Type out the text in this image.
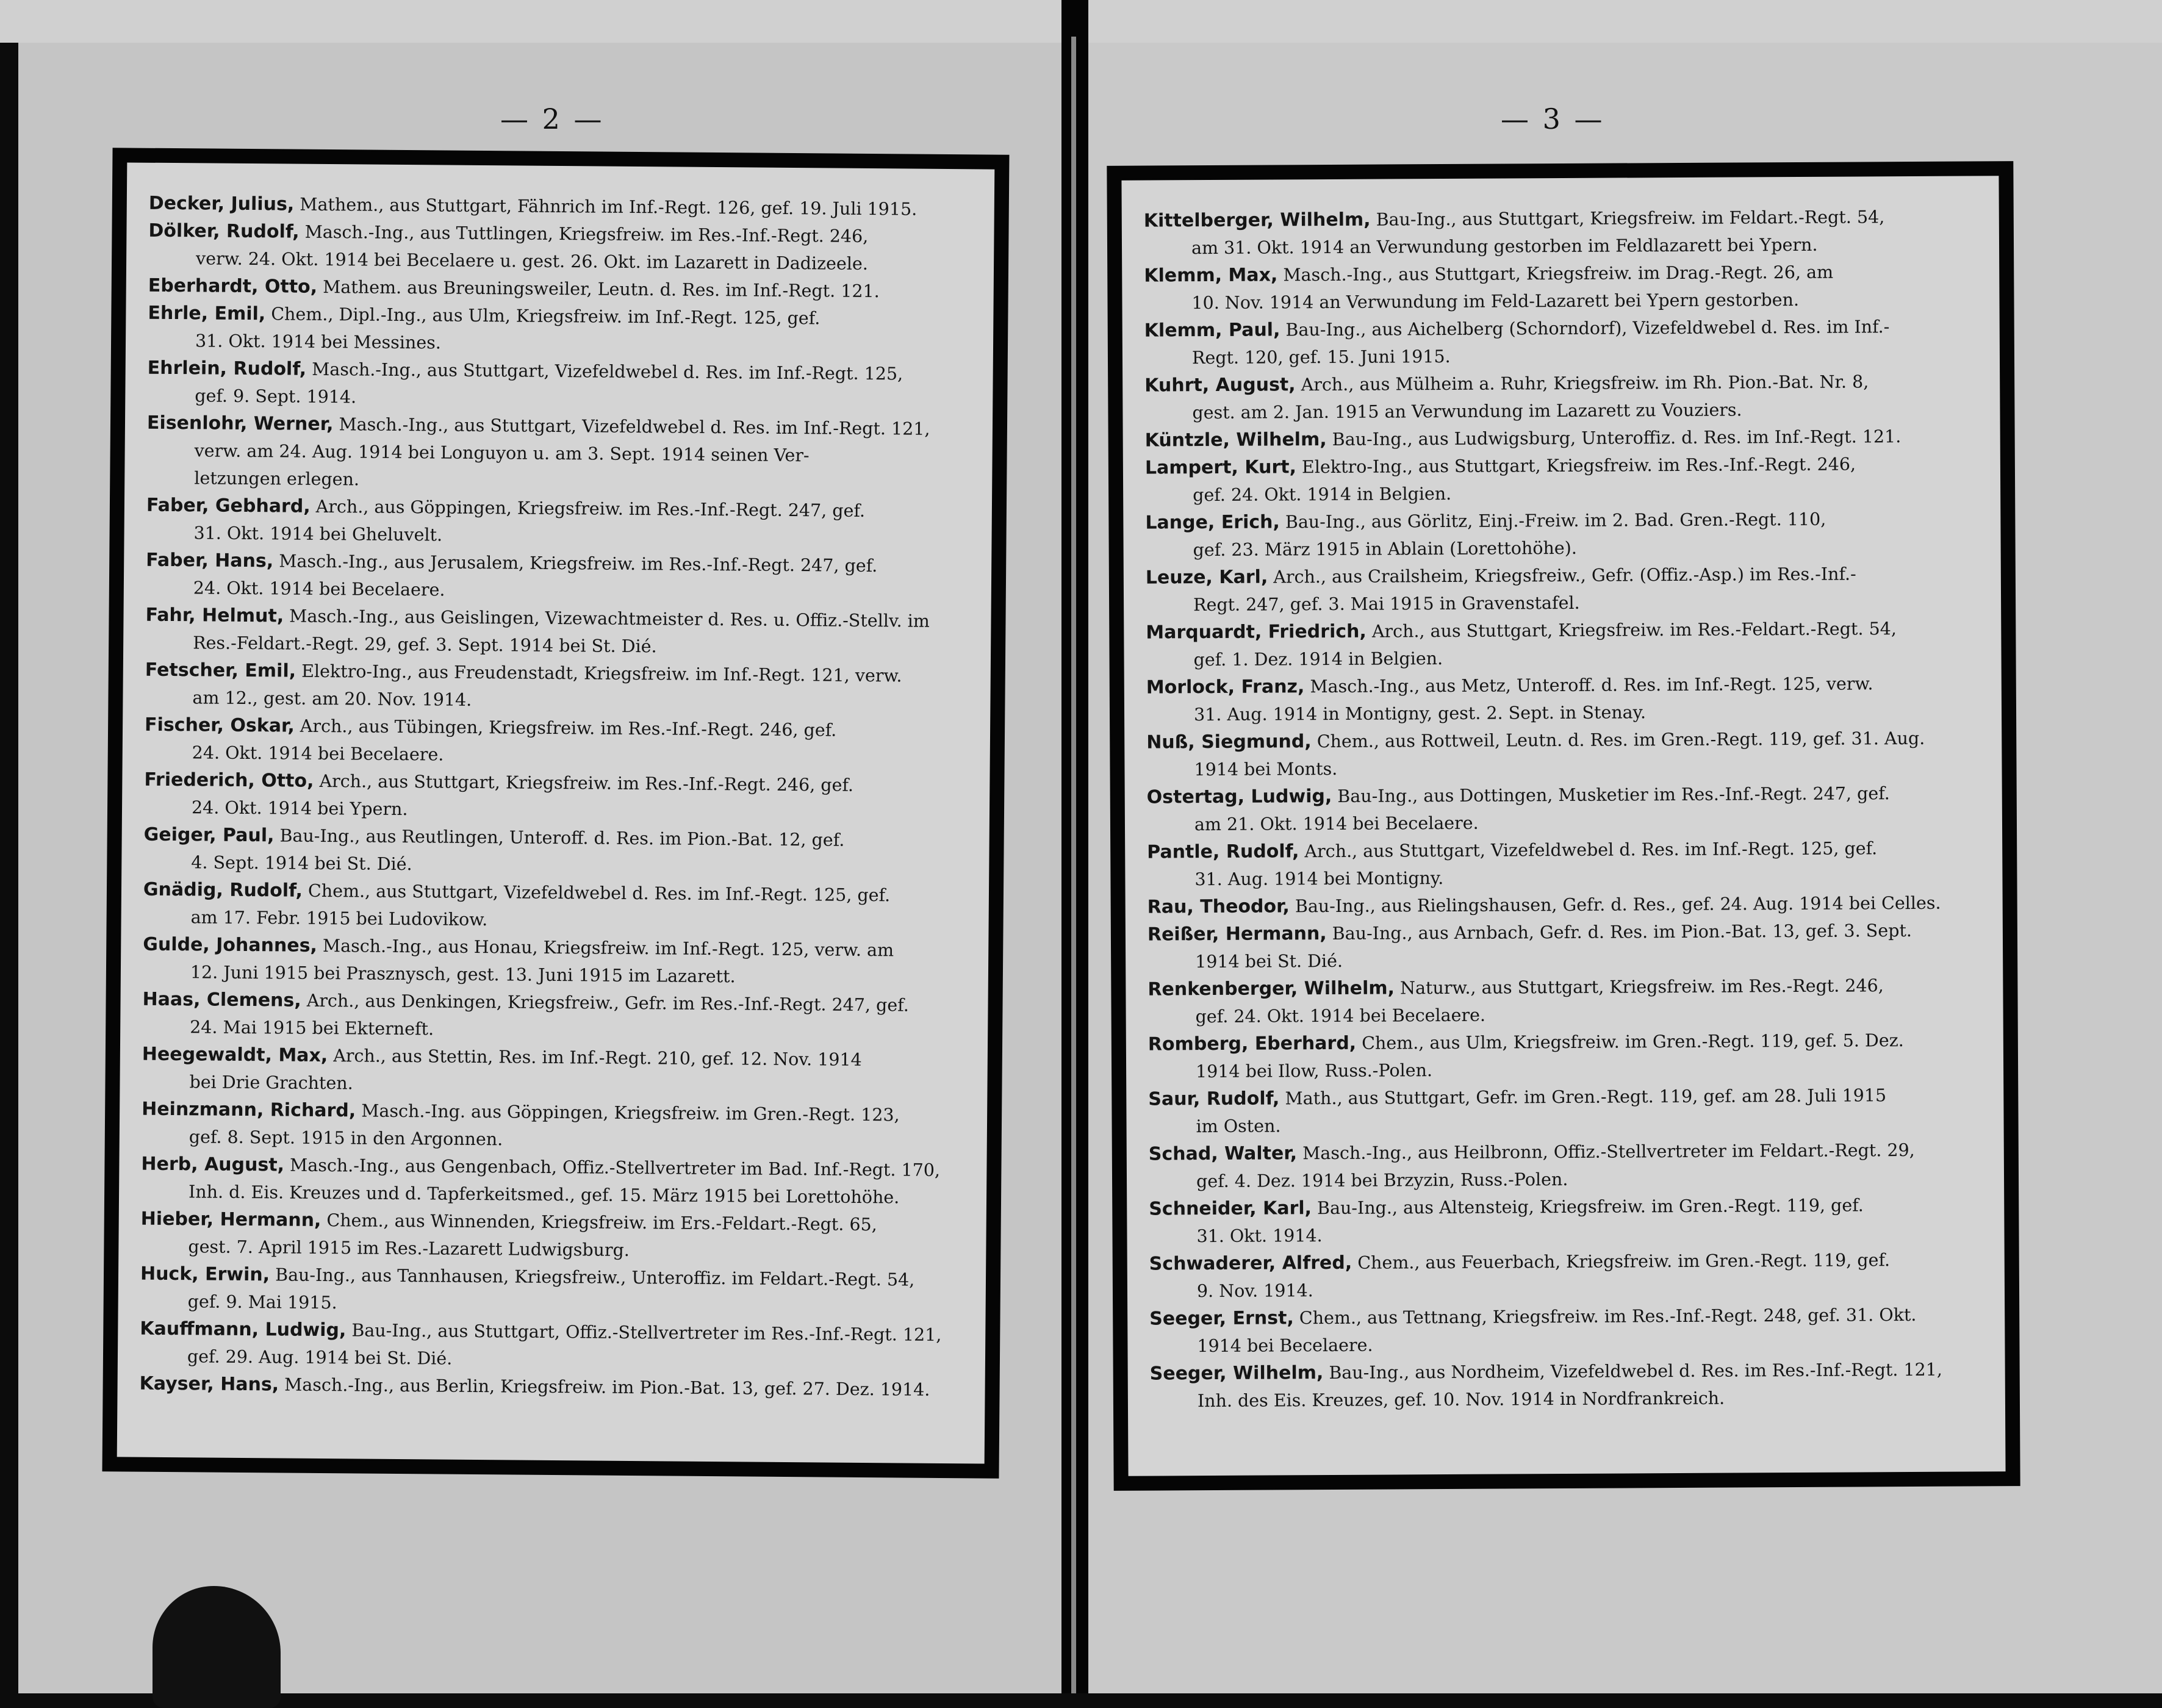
— 2 —	— 3 —
Decker, Julius, Mathem., aus Stuttgart, Fähnrich im Inf.-Regt. 126, gef. 19. Juli 1915.
Dölker, Rudolf, Masch.-Ing., aus Tuttlingen, Kriegsfreiw. im Res.-Inf.-Regt. 246,
verw. 24. Okt. 1914 bei Becelaere u. gest. 26. Okt. im Lazarett in Dadizeele.
Eberhardt, Otto, Mathem. aus Breuningsweiler, Leutn. d. Res. im Inf.-Regt. 121.
Ehrle, Emil, Chem., Dipl.-Ing., aus Ulm, Kriegsfreiw. im Inf.-Regt. 125, gef.
31. Okt. 1914 bei Messines.
Ehrlein, Rudolf, Masch.-Ing., aus Stuttgart, Vizefeldwebel d. Res. im Inf.-Regt. 125,
gef. 9. Sept. 1914.
Eisenlohr, Werner, Masch.-Ing., aus Stuttgart, Vizefeldwebel d. Res. im Inf.-Regt. 121,
verw. am 24. Aug. 1914 bei Longuyon u. am 3. Sept. 1914 seinen Ver-
letzungen erlegen.
Faber, Gebhard, Arch., aus Göppingen, Kriegsfreiw. im Res.-Inf.-Regt. 247, gef.
31. Okt. 1914 bei Gheluvelt.
Faber, Hans, Masch.-Ing., aus Jerusalem, Kriegsfreiw. im Res.-Inf.-Regt. 247, gef.
24. Okt. 1914 bei Becelaere.
Fahr, Helmut, Masch.-Ing., aus Geislingen, Vizewachtmeister d. Res. u. Offiz.-Stellv. im
Res.-Feldart.-Regt. 29, gef. 3. Sept. 1914 bei St. Dié.
Fetscher, Emil, Elektro-Ing., aus Freudenstadt, Kriegsfreiw. im Inf.-Regt. 121, verw.
am 12., gest. am 20. Nov. 1914.
Fischer, Oskar, Arch., aus Tübingen, Kriegsfreiw. im Res.-Inf.-Regt. 246, gef.
24. Okt. 1914 bei Becelaere.
Friederich, Otto, Arch., aus Stuttgart, Kriegsfreiw. im Res.-Inf.-Regt. 246, gef.
24. Okt. 1914 bei Ypern.
Geiger, Paul, Bau-Ing., aus Reutlingen, Unteroff. d. Res. im Pion.-Bat. 12, gef.
4. Sept. 1914 bei St. Dié.
Gnädig, Rudolf, Chem., aus Stuttgart, Vizefeldwebel d. Res. im Inf.-Regt. 125, gef.
am 17. Febr. 1915 bei Ludovikow.
Gulde, Johannes, Masch.-Ing., aus Honau, Kriegsfreiw. im Inf.-Regt. 125, verw. am
12. Juni 1915 bei Prasznysch, gest. 13. Juni 1915 im Lazarett.
Haas, Clemens, Arch., aus Denkingen, Kriegsfreiw., Gefr. im Res.-Inf.-Regt. 247, gef.
24. Mai 1915 bei Ekterneft.
Heegewaldt, Max, Arch., aus Stettin, Res. im Inf.-Regt. 210, gef. 12. Nov. 1914
bei Drie Grachten.
Heinzmann, Richard, Masch.-Ing. aus Göppingen, Kriegsfreiw. im Gren.-Regt. 123,
gef. 8. Sept. 1915 in den Argonnen.
Herb, August, Masch.-Ing., aus Gengenbach, Offiz.-Stellvertreter im Bad. Inf.-Regt. 170,
Inh. d. Eis. Kreuzes und d. Tapferkeitsmed., gef. 15. März 1915 bei Lorettohöhe.
Hieber, Hermann, Chem., aus Winnenden, Kriegsfreiw. im Ers.-Feldart.-Regt. 65,
gest. 7. April 1915 im Res.-Lazarett Ludwigsburg.
Huck, Erwin, Bau-Ing., aus Tannhausen, Kriegsfreiw., Unteroffiz. im Feldart.-Regt. 54,
gef. 9. Mai 1915.
Kauffmann, Ludwig, Bau-Ing., aus Stuttgart, Offiz.-Stellvertreter im Res.-Inf.-Regt. 121,
gef. 29. Aug. 1914 bei St. Dié.
Kayser, Hans, Masch.-Ing., aus Berlin, Kriegsfreiw. im Pion.-Bat. 13, gef. 27. Dez. 1914.
Kittelberger, Wilhelm, Bau-Ing., aus Stuttgart, Kriegsfreiw. im Feldart.-Regt. 54,
am 31. Okt. 1914 an Verwundung gestorben im Feldlazarett bei Ypern.
Klemm, Max, Masch.-Ing., aus Stuttgart, Kriegsfreiw. im Drag.-Regt. 26, am
10. Nov. 1914 an Verwundung im Feld-Lazarett bei Ypern gestorben.
Klemm, Paul, Bau-Ing., aus Aichelberg (Schorndorf), Vizefeldwebel d. Res. im Inf.-
Regt. 120, gef. 15. Juni 1915.
Kuhrt, August, Arch., aus Mülheim a. Ruhr, Kriegsfreiw. im Rh. Pion.-Bat. Nr. 8,
gest. am 2. Jan. 1915 an Verwundung im Lazarett zu Vouziers.
Küntzle, Wilhelm, Bau-Ing., aus Ludwigsburg, Unteroffiz. d. Res. im Inf.-Regt. 121.
Lampert, Kurt, Elektro-Ing., aus Stuttgart, Kriegsfreiw. im Res.-Inf.-Regt. 246,
gef. 24. Okt. 1914 in Belgien.
Lange, Erich, Bau-Ing., aus Görlitz, Einj.-Freiw. im 2. Bad. Gren.-Regt. 110,
gef. 23. März 1915 in Ablain (Lorettohöhe).
Leuze, Karl, Arch., aus Crailsheim, Kriegsfreiw., Gefr. (Offiz.-Asp.) im Res.-Inf.-
Regt. 247, gef. 3. Mai 1915 in Gravenstafel.
Marquardt, Friedrich, Arch., aus Stuttgart, Kriegsfreiw. im Res.-Feldart.-Regt. 54,
gef. 1. Dez. 1914 in Belgien.
Morlock, Franz, Masch.-Ing., aus Metz, Unteroff. d. Res. im Inf.-Regt. 125, verw.
31. Aug. 1914 in Montigny, gest. 2. Sept. in Stenay.
Nuß, Siegmund, Chem., aus Rottweil, Leutn. d. Res. im Gren.-Regt. 119, gef. 31. Aug.
1914 bei Monts.
Ostertag, Ludwig, Bau-Ing., aus Dottingen, Musketier im Res.-Inf.-Regt. 247, gef.
am 21. Okt. 1914 bei Becelaere.
Pantle, Rudolf, Arch., aus Stuttgart, Vizefeldwebel d. Res. im Inf.-Regt. 125, gef.
31. Aug. 1914 bei Montigny.
Rau, Theodor, Bau-Ing., aus Rielingshausen, Gefr. d. Res., gef. 24. Aug. 1914 bei Celles.
Reißer, Hermann, Bau-Ing., aus Arnbach, Gefr. d. Res. im Pion.-Bat. 13, gef. 3. Sept.
1914 bei St. Dié.
Renkenberger, Wilhelm, Naturw., aus Stuttgart, Kriegsfreiw. im Res.-Regt. 246,
gef. 24. Okt. 1914 bei Becelaere.
Romberg, Eberhard, Chem., aus Ulm, Kriegsfreiw. im Gren.-Regt. 119, gef. 5. Dez.
1914 bei Ilow, Russ.-Polen.
Saur, Rudolf, Math., aus Stuttgart, Gefr. im Gren.-Regt. 119, gef. am 28. Juli 1915
im Osten.
Schad, Walter, Masch.-Ing., aus Heilbronn, Offiz.-Stellvertreter im Feldart.-Regt. 29,
gef. 4. Dez. 1914 bei Brzyzin, Russ.-Polen.
Schneider, Karl, Bau-Ing., aus Altensteig, Kriegsfreiw. im Gren.-Regt. 119, gef.
31. Okt. 1914.
Schwaderer, Alfred, Chem., aus Feuerbach, Kriegsfreiw. im Gren.-Regt. 119, gef.
9. Nov. 1914.
Seeger, Ernst, Chem., aus Tettnang, Kriegsfreiw. im Res.-Inf.-Regt. 248, gef. 31. Okt.
1914 bei Becelaere.
Seeger, Wilhelm, Bau-Ing., aus Nordheim, Vizefeldwebel d. Res. im Res.-Inf.-Regt. 121,
Inh. des Eis. Kreuzes, gef. 10. Nov. 1914 in Nordfrankreich.
